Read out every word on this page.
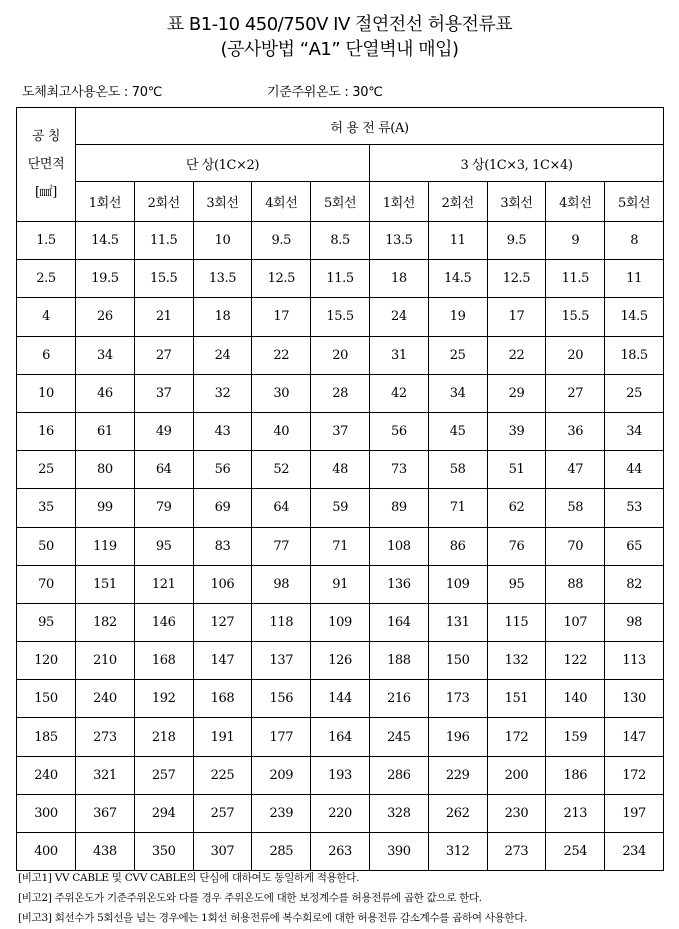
표 B1-10 450/750V IV 절연전선 허용전류표
(공사방법 “A1” 단열벽내 매입)
도체최고사용온도 : 70℃	기준주위온도 : 30℃
공 칭
단면적
[㎟]	허 용 전 류(A)									
	단 상(1C×2)					3 상(1C×3, 1C×4)				
	1회선	2회선	3회선	4회선	5회선	1회선	2회선	3회선	4회선	5회선
1.5	14.5	11.5	10	9.5	8.5	13.5	11	9.5	9	8
2.5	19.5	15.5	13.5	12.5	11.5	18	14.5	12.5	11.5	11
4	26	21	18	17	15.5	24	19	17	15.5	14.5
6	34	27	24	22	20	31	25	22	20	18.5
10	46	37	32	30	28	42	34	29	27	25
16	61	49	43	40	37	56	45	39	36	34
25	80	64	56	52	48	73	58	51	47	44
35	99	79	69	64	59	89	71	62	58	53
50	119	95	83	77	71	108	86	76	70	65
70	151	121	106	98	91	136	109	95	88	82
95	182	146	127	118	109	164	131	115	107	98
120	210	168	147	137	126	188	150	132	122	113
150	240	192	168	156	144	216	173	151	140	130
185	273	218	191	177	164	245	196	172	159	147
240	321	257	225	209	193	286	229	200	186	172
300	367	294	257	239	220	328	262	230	213	197
400	438	350	307	285	263	390	312	273	254	234
[비고1] VV CABLE 및 CVV CABLE의 단심에 대하여도 동일하게 적용한다.
[비고2] 주위온도가 기준주위온도와 다를 경우 주위온도에 대한 보정계수를 허용전류에 곱한 값으로 한다.
[비고3] 회선수가 5회선을 넘는 경우에는 1회선 허용전류에 복수회로에 대한 허용전류 감소계수를 곱하여 사용한다.
